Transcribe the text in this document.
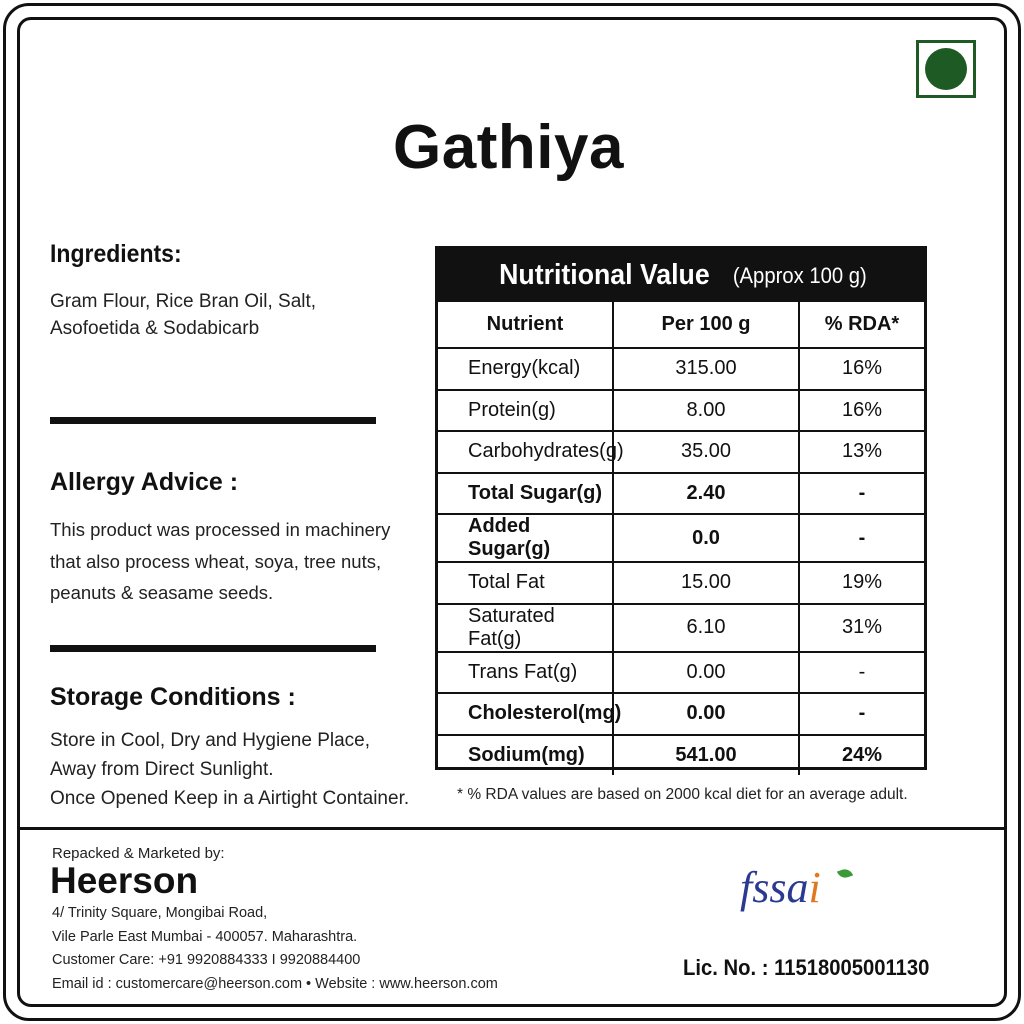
Gathiya
Ingredients:
Gram Flour, Rice Bran Oil, Salt,
Asofoetida & Sodabicarb
Allergy Advice :
This product was processed in machinery
that also process wheat, soya, tree nuts,
peanuts & seasame seeds.
Storage Conditions :
Store in Cool, Dry and Hygiene Place,
Away from Direct Sunlight.
Once Opened Keep in a Airtight Container.
Nutritional Value (Approx 100 g)
Nutrient	Per 100 g	% RDA*
Energy(kcal)	315.00	16%
Protein(g)	8.00	16%
Carbohydrates(g)	35.00	13%
Total Sugar(g)	2.40	-
Added Sugar(g)	0.0	-
Total Fat	15.00	19%
Saturated Fat(g)	6.10	31%
Trans Fat(g)	0.00	-
Cholesterol(mg)	0.00	-
Sodium(mg)	541.00	24%
* % RDA values are based on 2000 kcal diet for an average adult.
Repacked & Marketed by:
Heerson
4/ Trinity Square, Mongibai Road,
Vile Parle East Mumbai - 400057. Maharashtra.
Customer Care: +91 9920884333 I 9920884400
Email id : customercare@heerson.com • Website : www.heerson.com
fssai
Lic. No. : 11518005001130
